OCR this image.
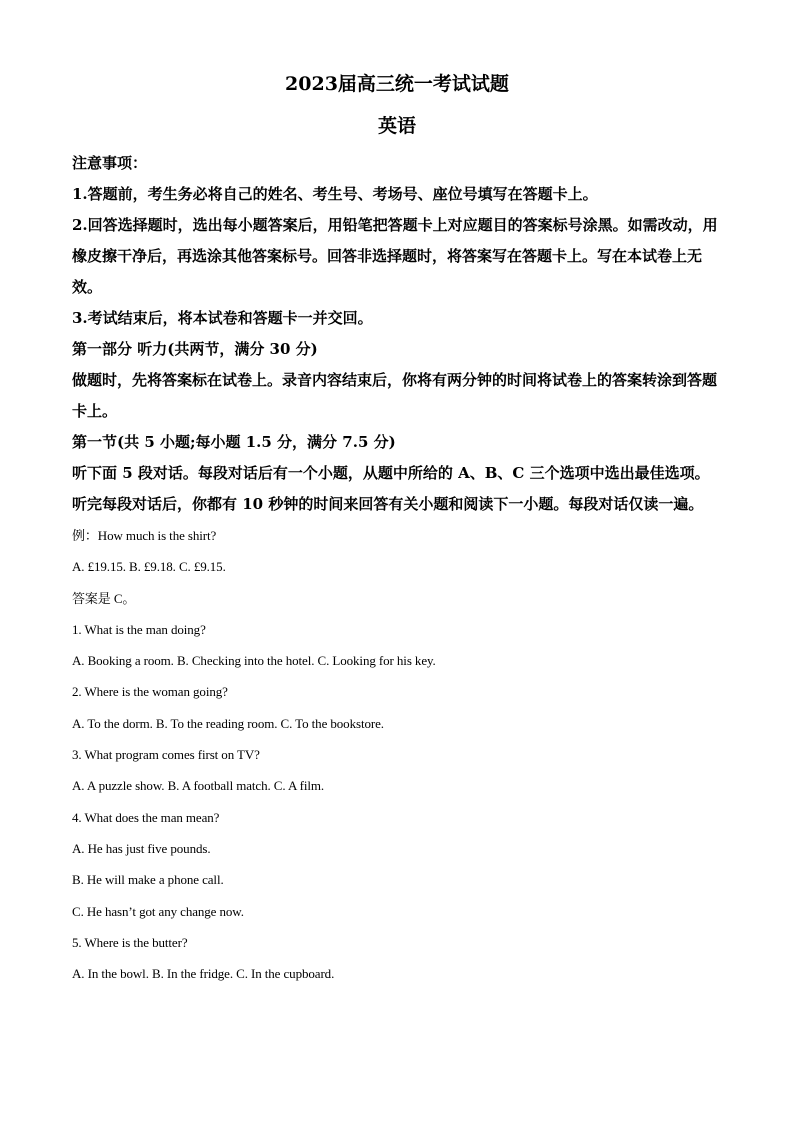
2023届高三统一考试试题

英语

注意事项：

1.答题前，考生务必将自己的姓名、考生号、考场号、座位号填写在答题卡上。

2.回答选择题时，选出每小题答案后，用铅笔把答题卡上对应题目的答案标号涂黑。如需改动，用橡皮擦干净后，再选涂其他答案标号。回答非选择题时，将答案写在答题卡上。写在本试卷上无效。

3.考试结束后，将本试卷和答题卡一并交回。

第一部分 听力(共两节，满分 30 分)

做题时，先将答案标在试卷上。录音内容结束后，你将有两分钟的时间将试卷上的答案转涂到答题卡上。

第一节(共 5 小题;每小题 1.5 分，满分 7.5 分)

听下面 5 段对话。每段对话后有一个小题，从题中所给的 A、B、C 三个选项中选出最佳选项。听完每段对话后，你都有 10 秒钟的时间来回答有关小题和阅读下一小题。每段对话仅读一遍。

例：How much is the shirt?

A. £19.15. B. £9.18. C. £9.15.

答案是 C。

1. What is the man doing?

A. Booking a room. B. Checking into the hotel. C. Looking for his key.

2. Where is the woman going?

A. To the dorm. B. To the reading room. C. To the bookstore.

3. What program comes first on TV?

A. A puzzle show. B. A football match. C. A film.

4. What does the man mean?

A. He has just five pounds.

B. He will make a phone call.

C. He hasn’t got any change now.

5. Where is the butter?

A. In the bowl. B. In the fridge. C. In the cupboard.
